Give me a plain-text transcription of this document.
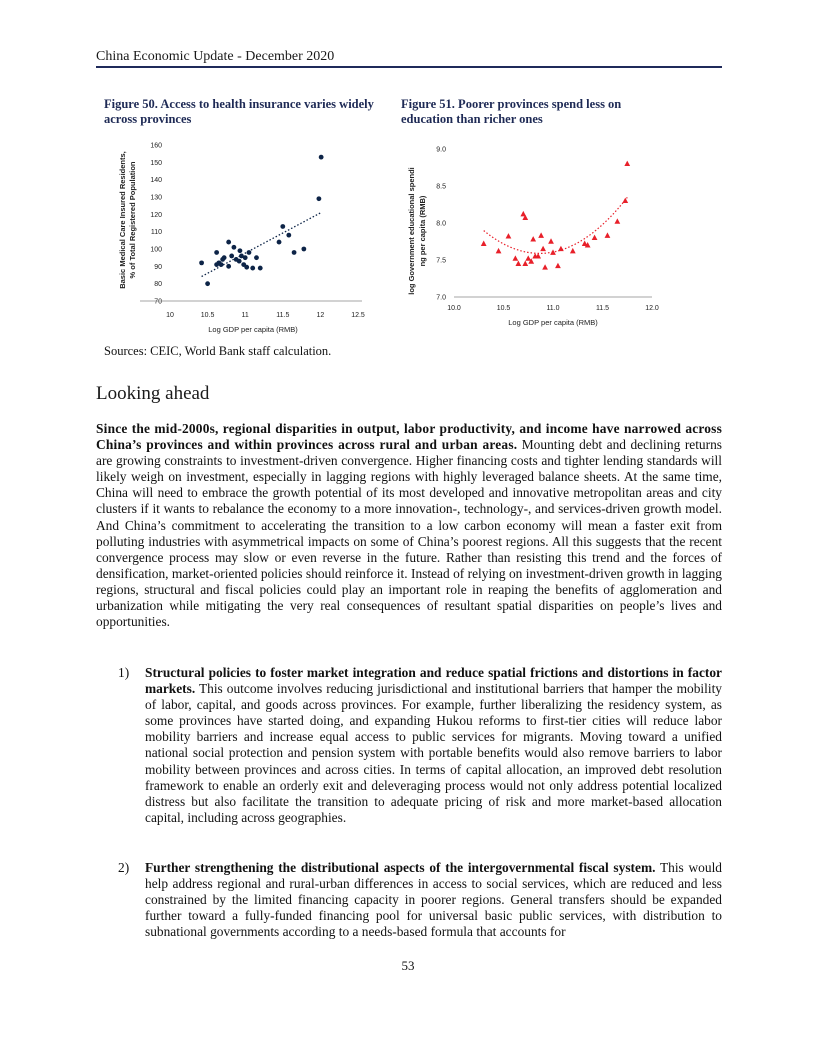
China Economic Update - December 2020
Figure 50. Access to health insurance varies widely across provinces
Figure 51. Poorer provinces spend less on education than richer ones
Basic Medical Care Insured Residents, % of Total Registered Population
70
80
90
100
110
120
130
140
150
160
10	10.5	11	11.5	12	12.5
Log GDP per capita (RMB)
log Government educational spendi ng per capita (RMB)
7.0
7.5
8.0
8.5
9.0
10.0	10.5	11.0	11.5	12.0
Log GDP per capita (RMB)
Sources: CEIC, World Bank staff calculation.
Looking ahead
Since the mid-2000s, regional disparities in output, labor productivity, and income have narrowed across China’s provinces and within provinces across rural and urban areas. Mounting debt and declining returns are growing constraints to investment-driven convergence. Higher financing costs and tighter lending standards will likely weigh on investment, especially in lagging regions with highly leveraged balance sheets. At the same time, China will need to embrace the growth potential of its most developed and innovative metropolitan areas and city clusters if it wants to rebalance the economy to a more innovation-, technology-, and services-driven growth model. And China’s commitment to accelerating the transition to a low carbon economy will mean a faster exit from polluting industries with asymmetrical impacts on some of China’s poorest regions. All this suggests that the recent convergence process may slow or even reverse in the future. Rather than resisting this trend and the forces of densification, market-oriented policies should reinforce it. Instead of relying on investment-driven growth in lagging regions, structural and fiscal policies could play an important role in reaping the benefits of agglomeration and urbanization while mitigating the very real consequences of resultant spatial disparities on people’s lives and opportunities.
1)	Structural policies to foster market integration and reduce spatial frictions and distortions in factor markets. This outcome involves reducing jurisdictional and institutional barriers that hamper the mobility of labor, capital, and goods across provinces. For example, further liberalizing the residency system, as some provinces have started doing, and expanding Hukou reforms to first-tier cities will reduce labor mobility barriers and increase equal access to public services for migrants. Moving toward a unified national social protection and pension system with portable benefits would also remove barriers to labor mobility between provinces and across cities. In terms of capital allocation, an improved debt resolution framework to enable an orderly exit and deleveraging process would not only address potential localized distress but also facilitate the transition to adequate pricing of risk and more market-based allocation capital, including across geographies.
2)	Further strengthening the distributional aspects of the intergovernmental fiscal system. This would help address regional and rural-urban differences in access to social services, which are reduced and less constrained by the limited financing capacity in poorer regions. General transfers should be expanded further toward a fully-funded financing pool for universal basic public services, with distribution to subnational governments according to a needs-based formula that accounts for
53
